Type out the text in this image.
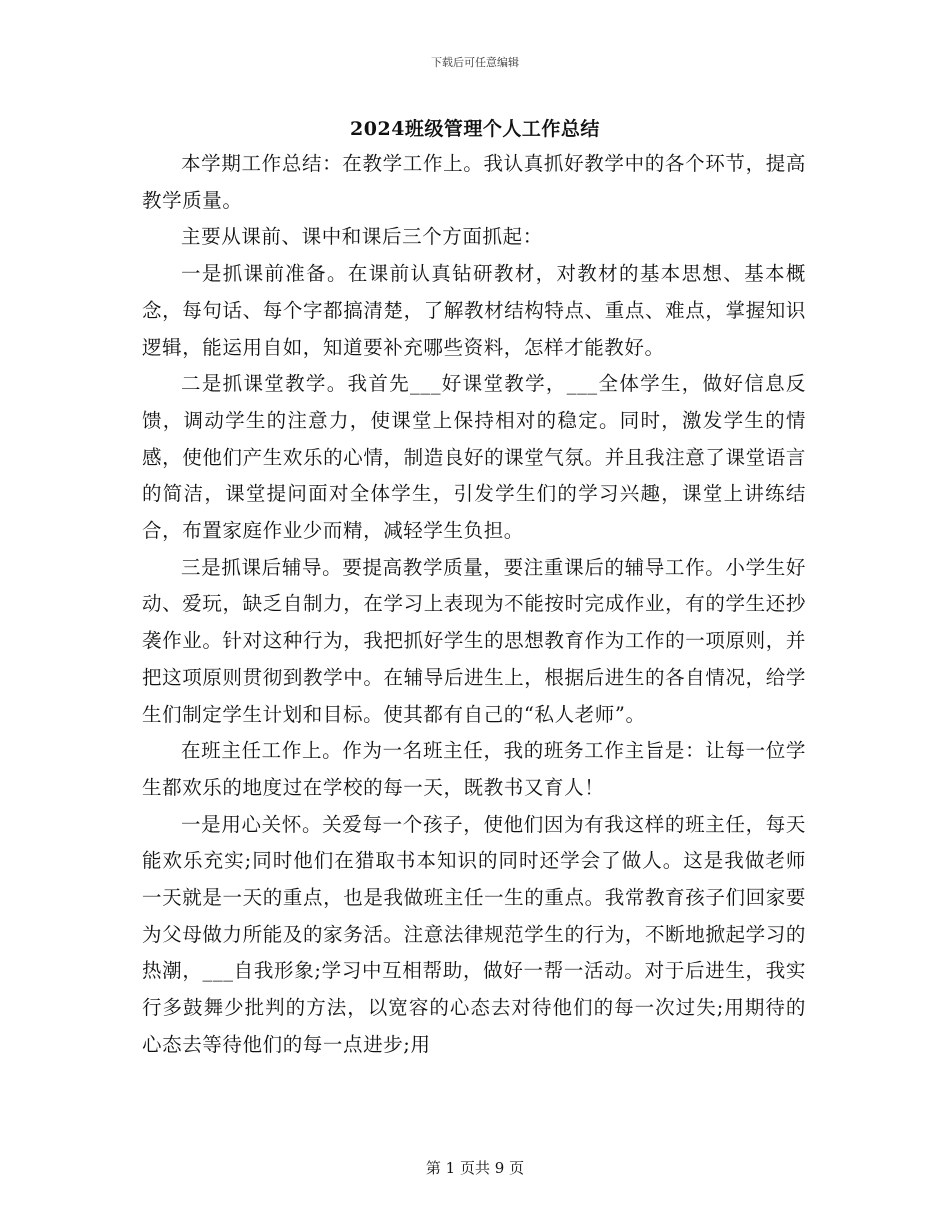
下载后可任意编辑
2024班级管理个人工作总结

本学期工作总结：在教学工作上。我认真抓好教学中的各个环节，提高教学质量。

主要从课前、课中和课后三个方面抓起：

一是抓课前准备。在课前认真钻研教材，对教材的基本思想、基本概念，每句话、每个字都搞清楚，了解教材结构特点、重点、难点，掌握知识逻辑，能运用自如，知道要补充哪些资料，怎样才能教好。

二是抓课堂教学。我首先___好课堂教学，___全体学生，做好信息反馈，调动学生的注意力，使课堂上保持相对的稳定。同时，激发学生的情感，使他们产生欢乐的心情，制造良好的课堂气氛。并且我注意了课堂语言的简洁，课堂提问面对全体学生，引发学生们的学习兴趣，课堂上讲练结合，布置家庭作业少而精，减轻学生负担。

三是抓课后辅导。要提高教学质量，要注重课后的辅导工作。小学生好动、爱玩，缺乏自制力，在学习上表现为不能按时完成作业，有的学生还抄袭作业。针对这种行为，我把抓好学生的思想教育作为工作的一项原则，并把这项原则贯彻到教学中。在辅导后进生上，根据后进生的各自情况，给学生们制定学生计划和目标。使其都有自己的“私人老师”。

在班主任工作上。作为一名班主任，我的班务工作主旨是：让每一位学生都欢乐的地度过在学校的每一天，既教书又育人！

一是用心关怀。关爱每一个孩子，使他们因为有我这样的班主任，每天能欢乐充实;同时他们在猎取书本知识的同时还学会了做人。这是我做老师一天就是一天的重点，也是我做班主任一生的重点。我常教育孩子们回家要为父母做力所能及的家务活。注意法律规范学生的行为，不断地掀起学习的热潮，___自我形象;学习中互相帮助，做好一帮一活动。对于后进生，我实行多鼓舞少批判的方法，以宽容的心态去对待他们的每一次过失;用期待的心态去等待他们的每一点进步;用

第 1 页共 9 页
